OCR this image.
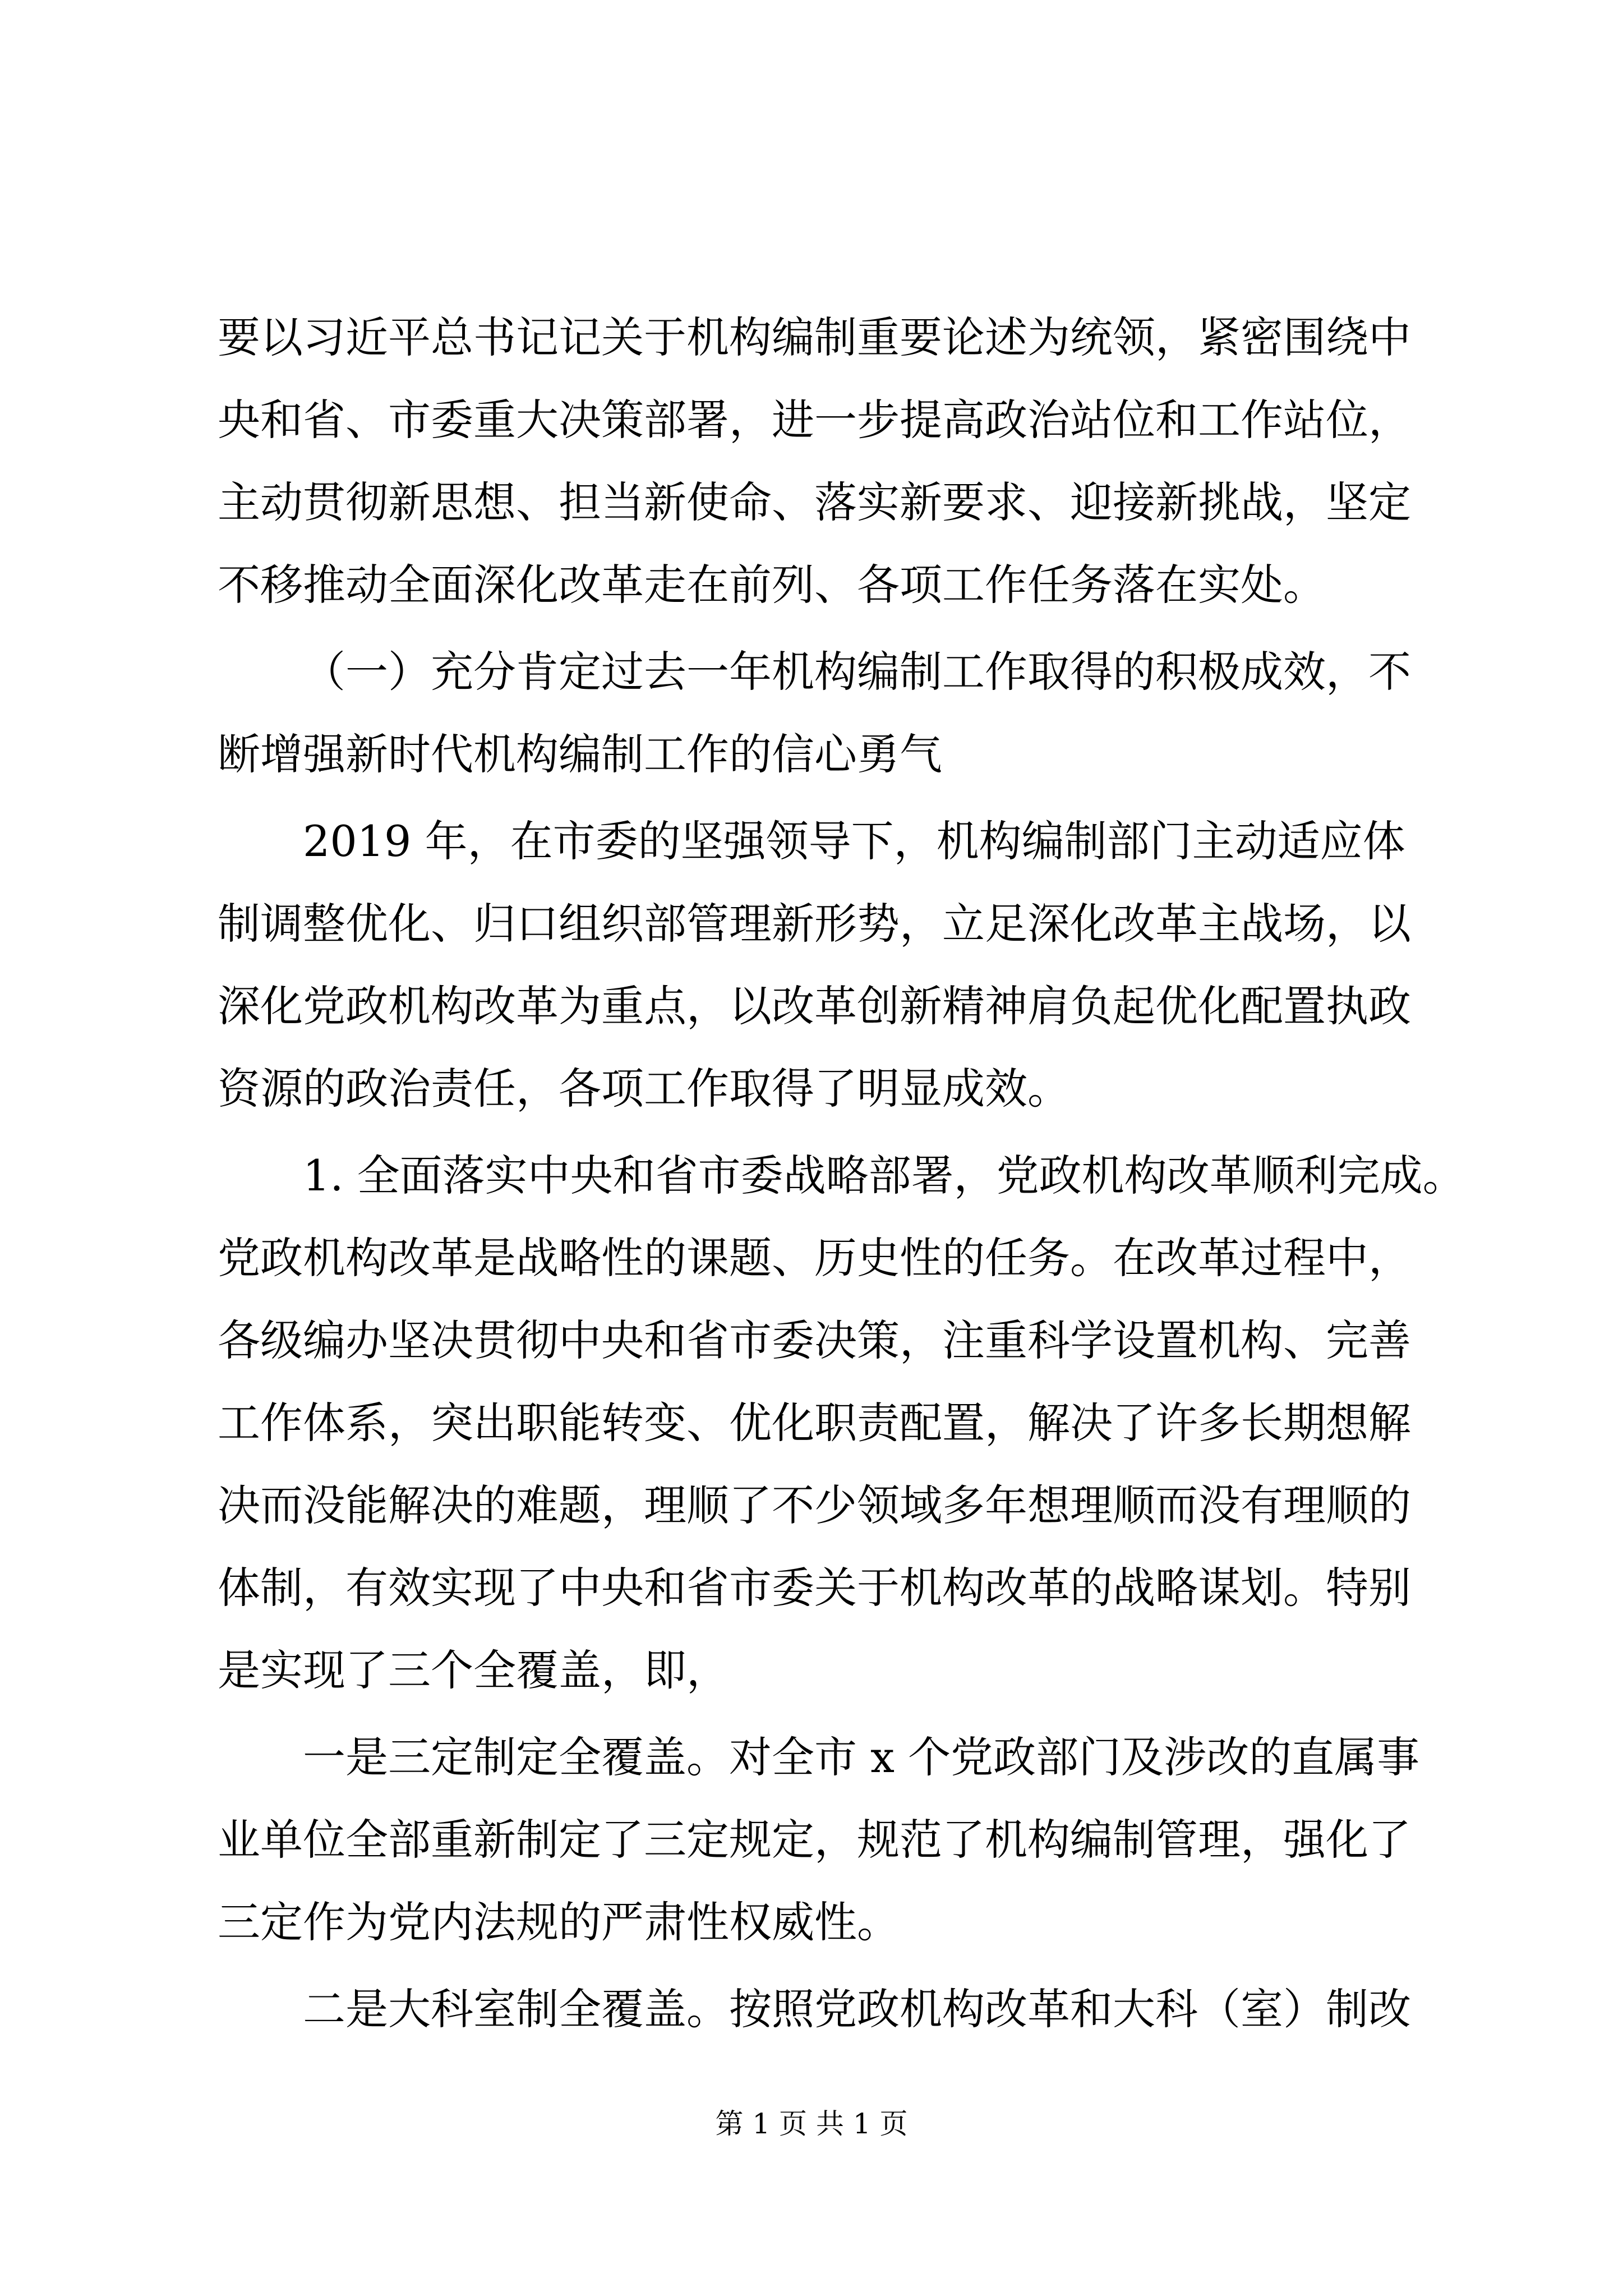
要以习近平总书记记关于机构编制重要论述为统领，紧密围绕中
央和省、市委重大决策部署，进一步提高政治站位和工作站位，
主动贯彻新思想、担当新使命、落实新要求、迎接新挑战，坚定
不移推动全面深化改革走在前列、各项工作任务落在实处。
（一）充分肯定过去一年机构编制工作取得的积极成效，不
断增强新时代机构编制工作的信心勇气
2019 年，在市委的坚强领导下，机构编制部门主动适应体
制调整优化、归口组织部管理新形势，立足深化改革主战场，以
深化党政机构改革为重点，以改革创新精神肩负起优化配置执政
资源的政治责任，各项工作取得了明显成效。
1. 全面落实中央和省市委战略部署，党政机构改革顺利完成。
党政机构改革是战略性的课题、历史性的任务。在改革过程中，
各级编办坚决贯彻中央和省市委决策，注重科学设置机构、完善
工作体系，突出职能转变、优化职责配置，解决了许多长期想解
决而没能解决的难题，理顺了不少领域多年想理顺而没有理顺的
体制，有效实现了中央和省市委关于机构改革的战略谋划。特别
是实现了三个全覆盖，即，
一是三定制定全覆盖。对全市 x 个党政部门及涉改的直属事
业单位全部重新制定了三定规定，规范了机构编制管理，强化了
三定作为党内法规的严肃性权威性。
二是大科室制全覆盖。按照党政机构改革和大科（室）制改
第 1 页 共 1 页
